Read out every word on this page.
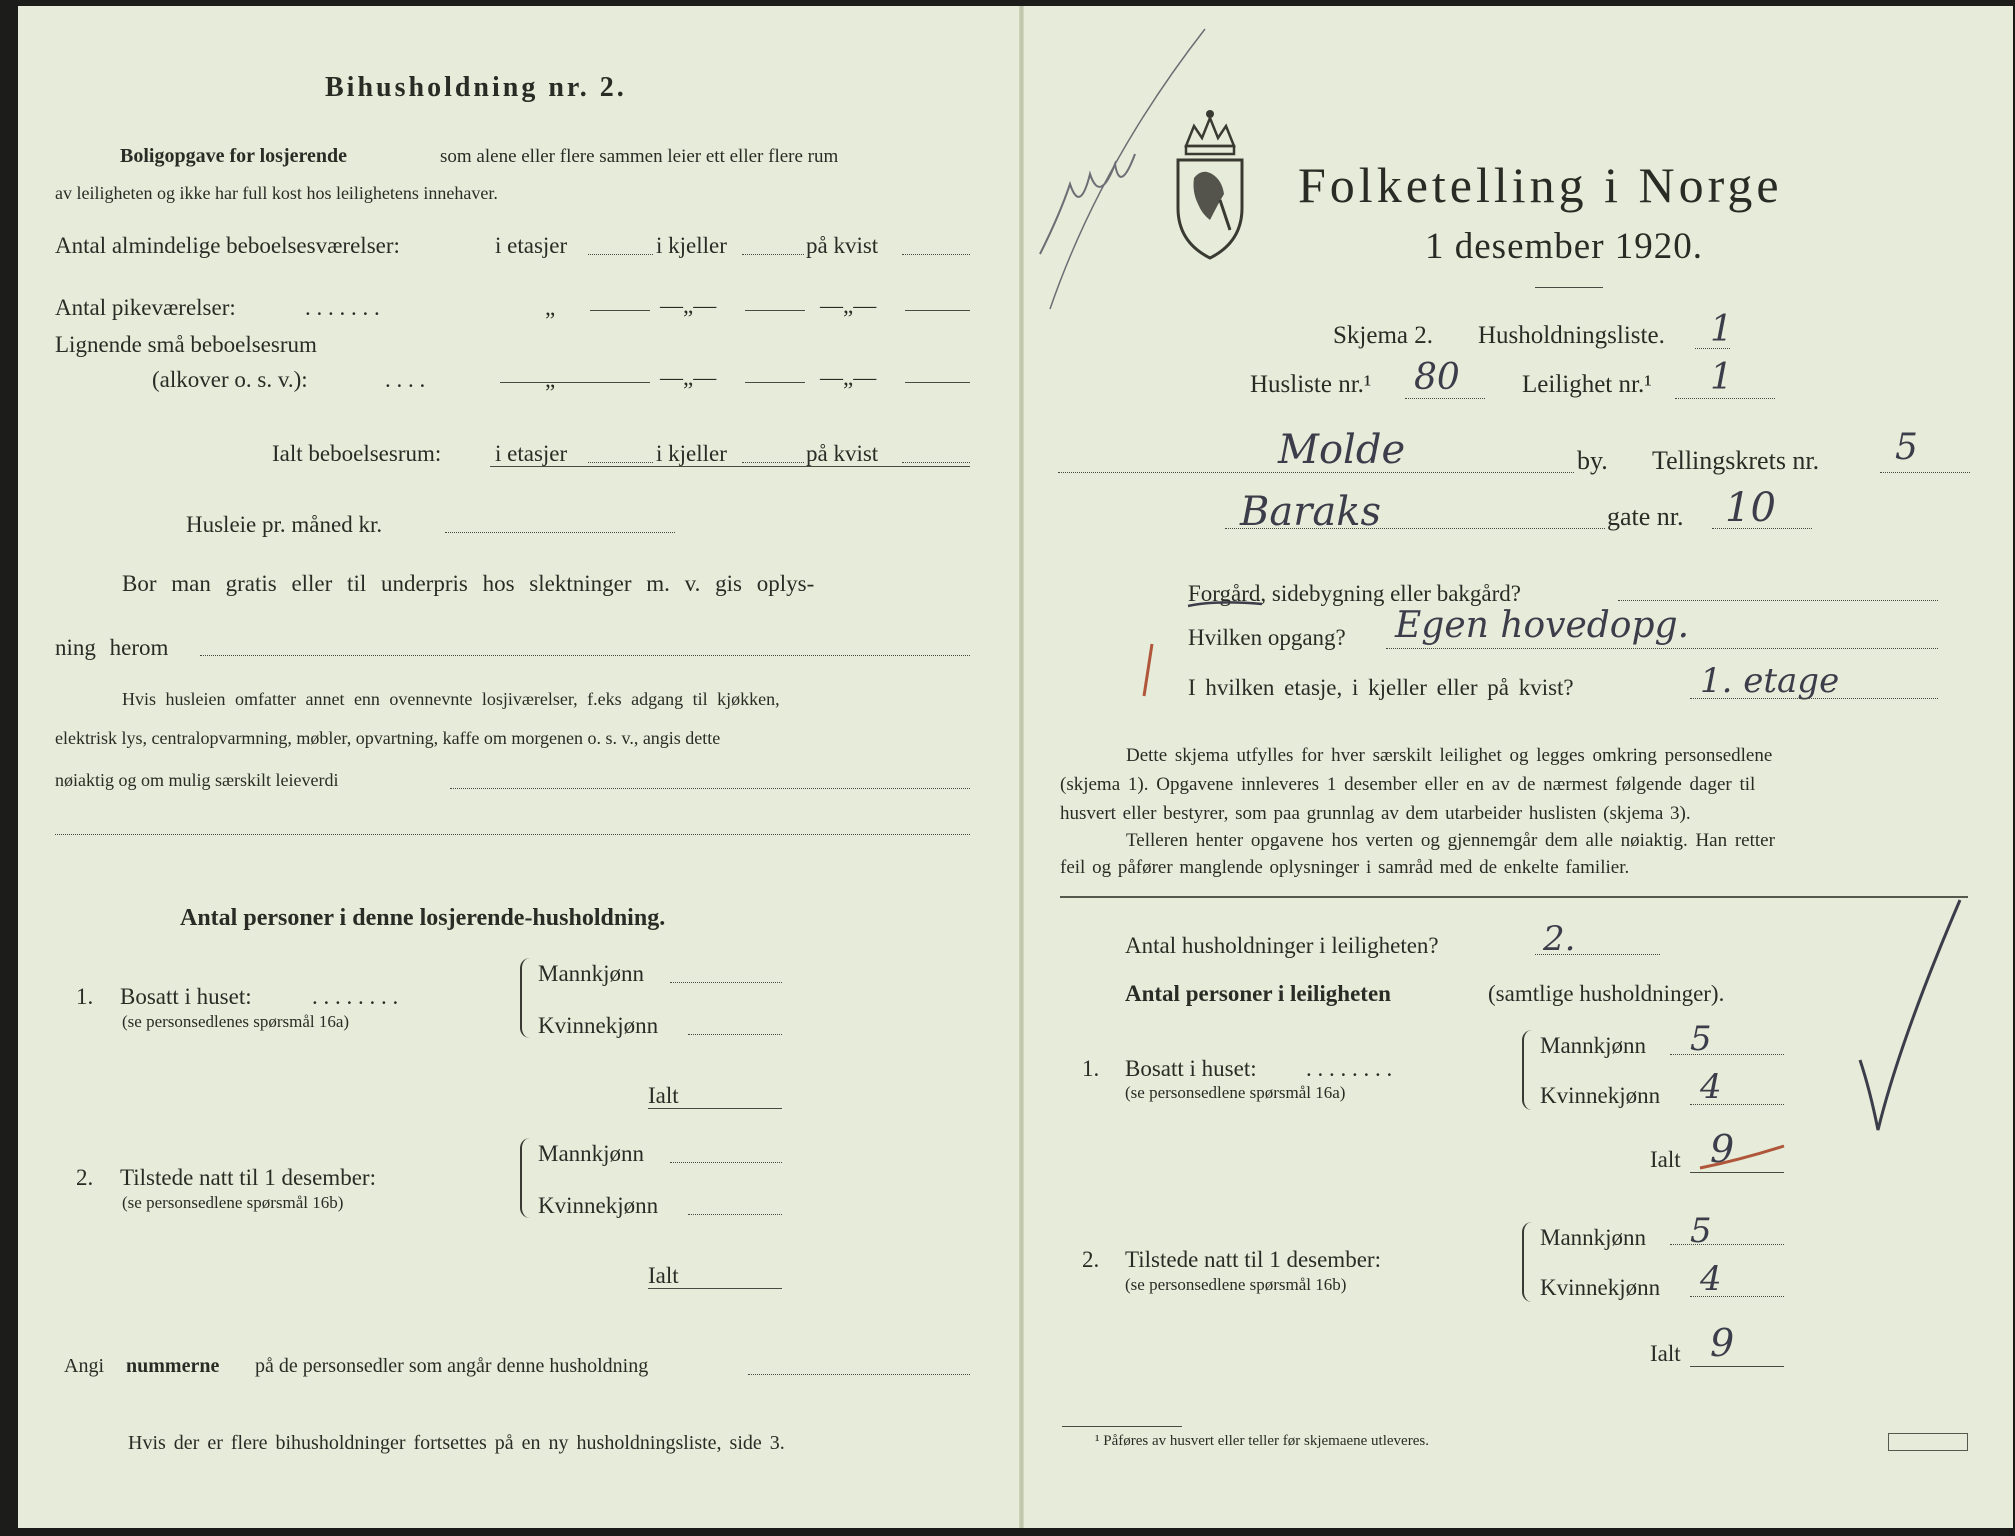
Bihusholdning nr. 2.
Boligopgave for losjerende	som alene eller flere sammen leier ett eller flere rum
av leiligheten og ikke har full kost hos leilighetens innehaver.
Antal almindelige beboelsesværelser:	i etasjer	i kjeller	på kvist
Antal pikeværelser:	. . . . . . .	„	—„—	—„—
Lignende små beboelsesrum
(alkover o. s. v.):	. . . .	„	—„—	—„—
Ialt beboelsesrum: i etasjer	i kjeller	på kvist
Husleie pr. måned kr.
Bor man gratis eller til underpris hos slektninger m. v. gis oplys-
ning herom
Hvis husleien omfatter annet enn ovennevnte losjiværelser, f.eks adgang til kjøkken,
elektrisk lys, centralopvarmning, møbler, opvartning, kaffe om morgenen o. s. v., angis dette
nøiaktig og om mulig særskilt leieverdi
Antal personer i denne losjerende-husholdning.
1. Bosatt i huset:	. . . . . . . .
(se personsedlenes spørsmål 16a)
Mannkjønn
Kvinnekjønn
Ialt
2. Tilstede natt til 1 desember:
(se personsedlene spørsmål 16b)
Mannkjønn
Kvinnekjønn
Ialt
Angi nummerne på de personsedler som angår denne husholdning
Hvis der er flere bihusholdninger fortsettes på en ny husholdningsliste, side 3.
Folketelling i Norge
1 desember 1920.
Skjema 2. Husholdningsliste. 1
Husliste nr.¹ 80 Leilighet nr.¹ 1
Molde	by. Tellingskrets nr. 5
Baraks	gate nr. 10
Forgård, sidebygning eller bakgård?
Hvilken opgang? Egen hovedopg.
I hvilken etasje, i kjeller eller på kvist?	1. etage
Dette skjema utfylles for hver særskilt leilighet og legges omkring personsedlene
(skjema 1). Opgavene innleveres 1 desember eller en av de nærmest følgende dager til
husvert eller bestyrer, som paa grunnlag av dem utarbeider huslisten (skjema 3).
Telleren henter opgavene hos verten og gjennemgår dem alle nøiaktig. Han retter
feil og påfører manglende oplysninger i samråd med de enkelte familier.
Antal husholdninger i leiligheten?	2.
Antal personer i leiligheten	(samtlige husholdninger).
1. Bosatt i huset: . . . . . . . .
(se personsedlene spørsmål 16a)
Mannkjønn 5
Kvinnekjønn 4
Ialt 9
2. Tilstede natt til 1 desember:
(se personsedlene spørsmål 16b)
Mannkjønn 5
Kvinnekjønn 4
Ialt 9
¹ Påføres av husvert eller teller før skjemaene utleveres.
